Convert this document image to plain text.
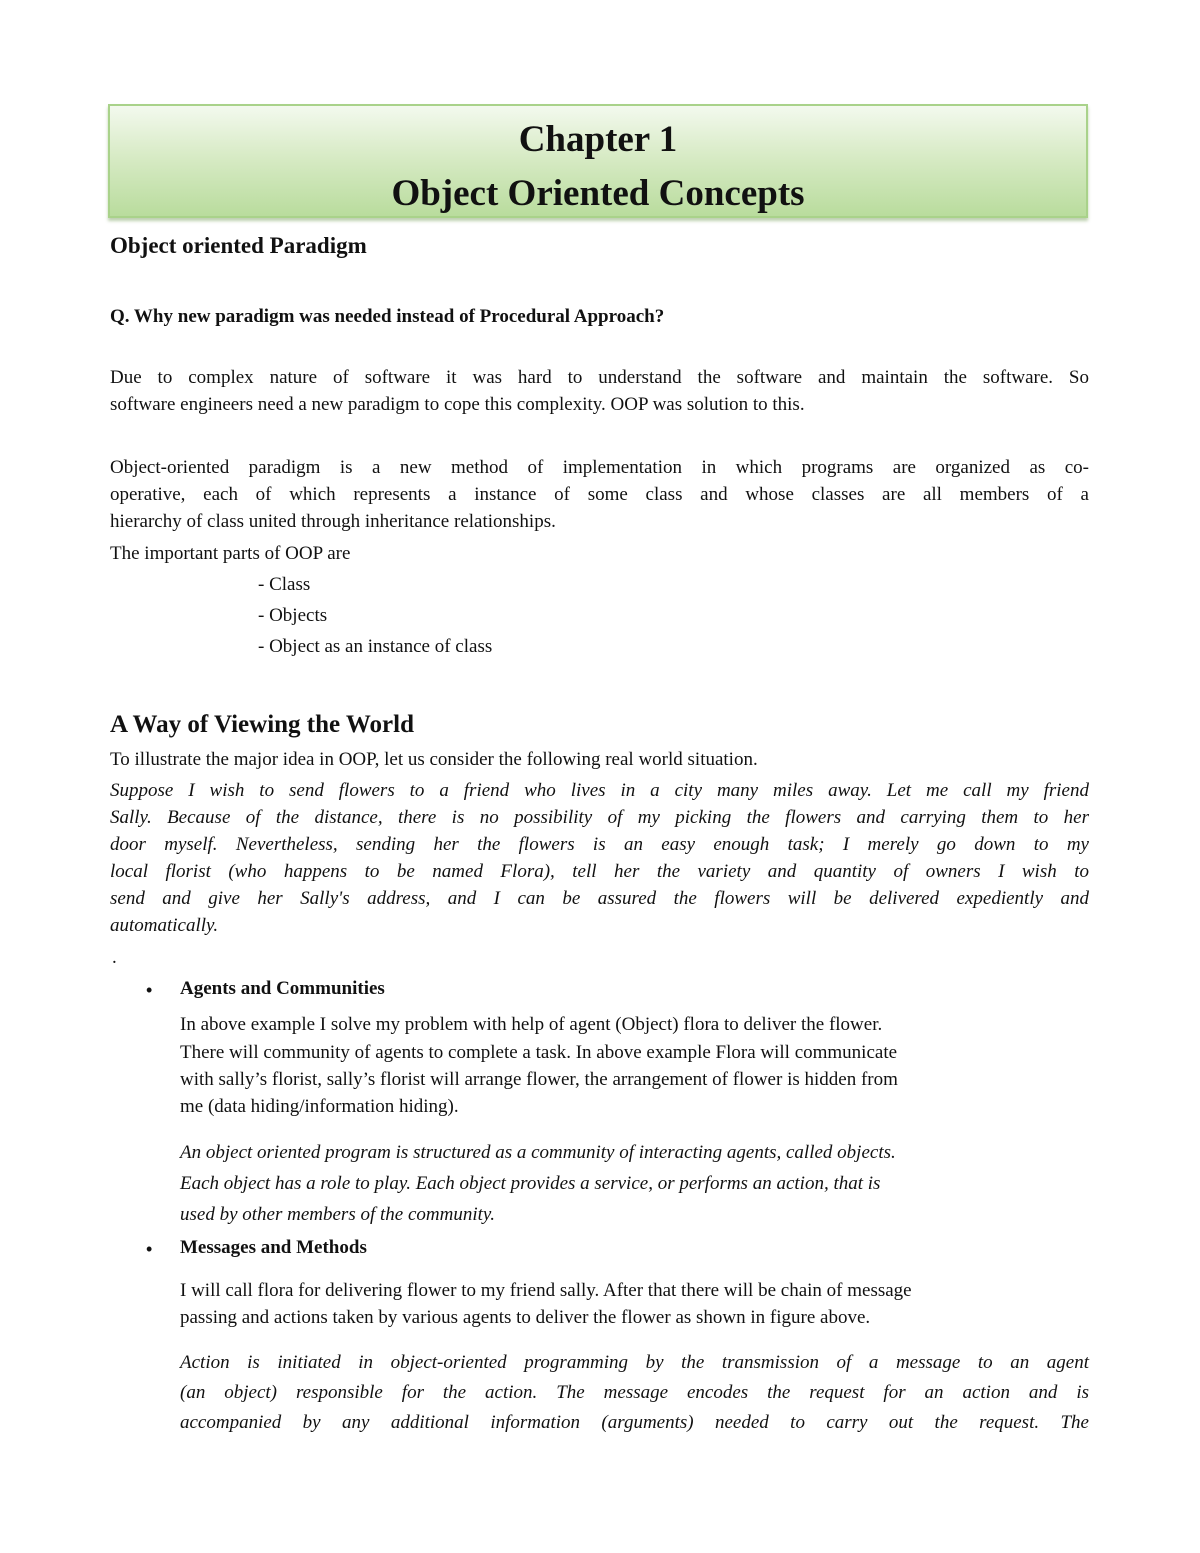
Chapter 1
Object Oriented Concepts
Object oriented Paradigm
Q. Why new paradigm was needed instead of Procedural Approach?
Due to complex nature of software it was hard to understand the software and maintain the software. So
software engineers need a new paradigm to cope this complexity. OOP was solution to this.
Object-oriented paradigm is a new method of implementation in which programs are organized as co-
operative, each of which represents a instance of some class and whose classes are all members of a
hierarchy of class united through inheritance relationships.
The important parts of OOP are
- Class
- Objects
- Object as an instance of class
A Way of Viewing the World
To illustrate the major idea in OOP, let us consider the following real world situation.
Suppose I wish to send flowers to a friend who lives in a city many miles away. Let me call my friend
Sally. Because of the distance, there is no possibility of my picking the flowers and carrying them to her
door myself. Nevertheless, sending her the flowers is an easy enough task; I merely go down to my
local florist (who happens to be named Flora), tell her the variety and quantity of owners I wish to
send and give her Sally's address, and I can be assured the flowers will be delivered expediently and
automatically.
.
• Agents and Communities
In above example I solve my problem with help of agent (Object) flora to deliver the flower.
There will community of agents to complete a task. In above example Flora will communicate
with sally’s florist, sally’s florist will arrange flower, the arrangement of flower is hidden from
me (data hiding/information hiding).
An object oriented program is structured as a community of interacting agents, called objects.
Each object has a role to play. Each object provides a service, or performs an action, that is
used by other members of the community.
• Messages and Methods
I will call flora for delivering flower to my friend sally. After that there will be chain of message
passing and actions taken by various agents to deliver the flower as shown in figure above.
Action is initiated in object-oriented programming by the transmission of a message to an agent
(an object) responsible for the action. The message encodes the request for an action and is
accompanied by any additional information (arguments) needed to carry out the request. The
